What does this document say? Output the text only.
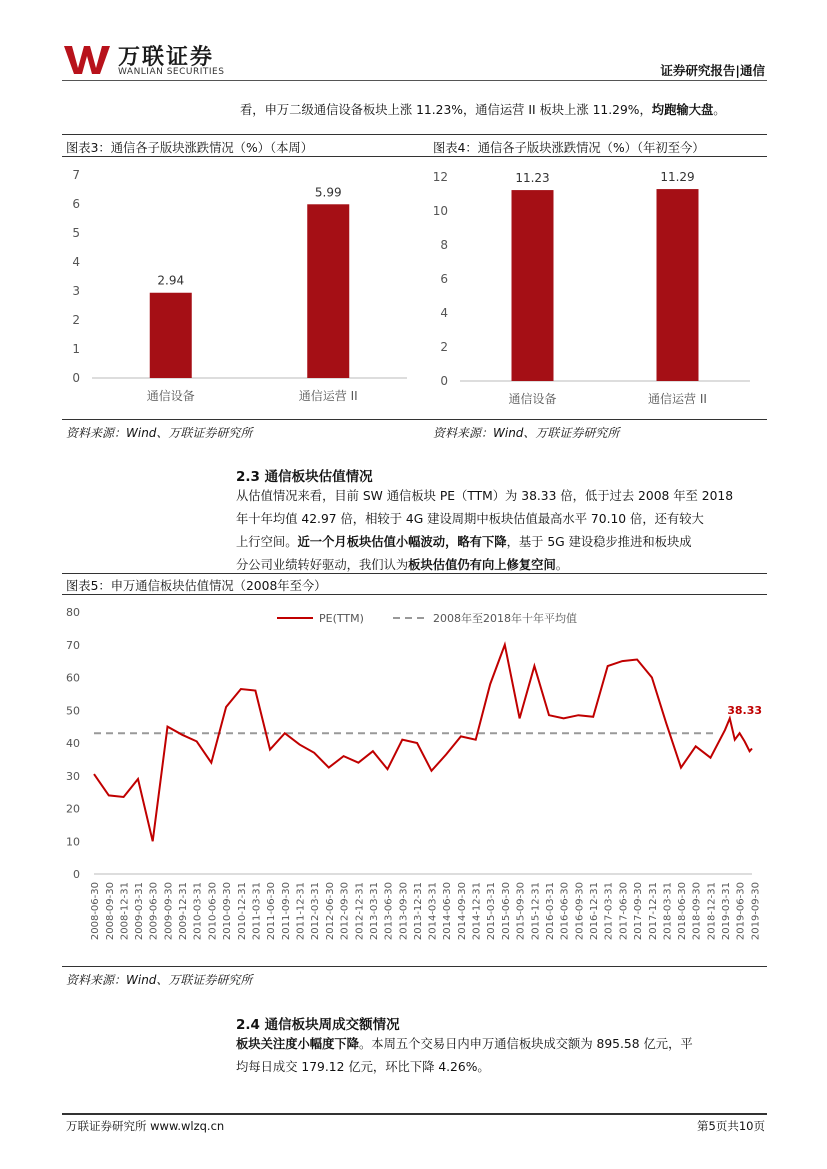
万联证券
WANLIAN SECURITIES	证券研究报告|通信
看，申万二级通信设备板块上涨 11.23%，通信运营 II 板块上涨 11.29%，均跑输大盘。
图表3：通信各子版块涨跌情况（%）（本周）	图表4：通信各子版块涨跌情况（%）（年初至今）
0
1
2
3
4
5
6
7
2.94
通信设备
5.99
通信运营 II
0
2
4
6
8
10
12	11.23
通信设备
11.29
通信运营 II
资料来源：Wind、万联证券研究所	资料来源：Wind、万联证券研究所
2.3 通信板块估值情况
从估值情况来看，目前 SW 通信板块 PE（TTM）为 38.33 倍，低于过去 2008 年至 2018
年十年均值 42.97 倍，相较于 4G 建设周期中板块估值最高水平 70.10 倍，还有较大
上行空间。近一个月板块估值小幅波动，略有下降，基于 5G 建设稳步推进和板块成
分公司业绩转好驱动，我们认为板块估值仍有向上修复空间。
图表5：申万通信板块估值情况（2008年至今）
0
10
20
30
40
50
60
70
80
2008-06-30 2008-09-30 2008-12-31 2009-03-31 2009-06-30 2009-09-30 2009-12-31 2010-03-31 2010-06-30 2010-09-30 2010-12-31 2011-03-31 2011-06-30 2011-09-30 2011-12-31 2012-03-31 2012-06-30 2012-09-30 2012-12-31 2013-03-31 2013-06-30 2013-09-30 2013-12-31 2014-03-31 2014-06-30 2014-09-30 2014-12-31 2015-03-31 2015-06-30 2015-09-30 2015-12-31 2016-03-31 2016-06-30 2016-09-30 2016-12-31 2017-03-31 2017-06-30 2017-09-30 2017-12-31 2018-03-31 2018-06-30 2018-09-30 2018-12-31 2019-03-31 2019-06-30 2019-09-30
38.33
PE(TTM)	2008年至2018年十年平均值
资料来源：Wind、万联证券研究所
2.4 通信板块周成交额情况
板块关注度小幅度下降。本周五个交易日内申万通信板块成交额为 895.58 亿元，平
均每日成交 179.12 亿元，环比下降 4.26%。
万联证券研究所 www.wlzq.cn	第5页共10页
